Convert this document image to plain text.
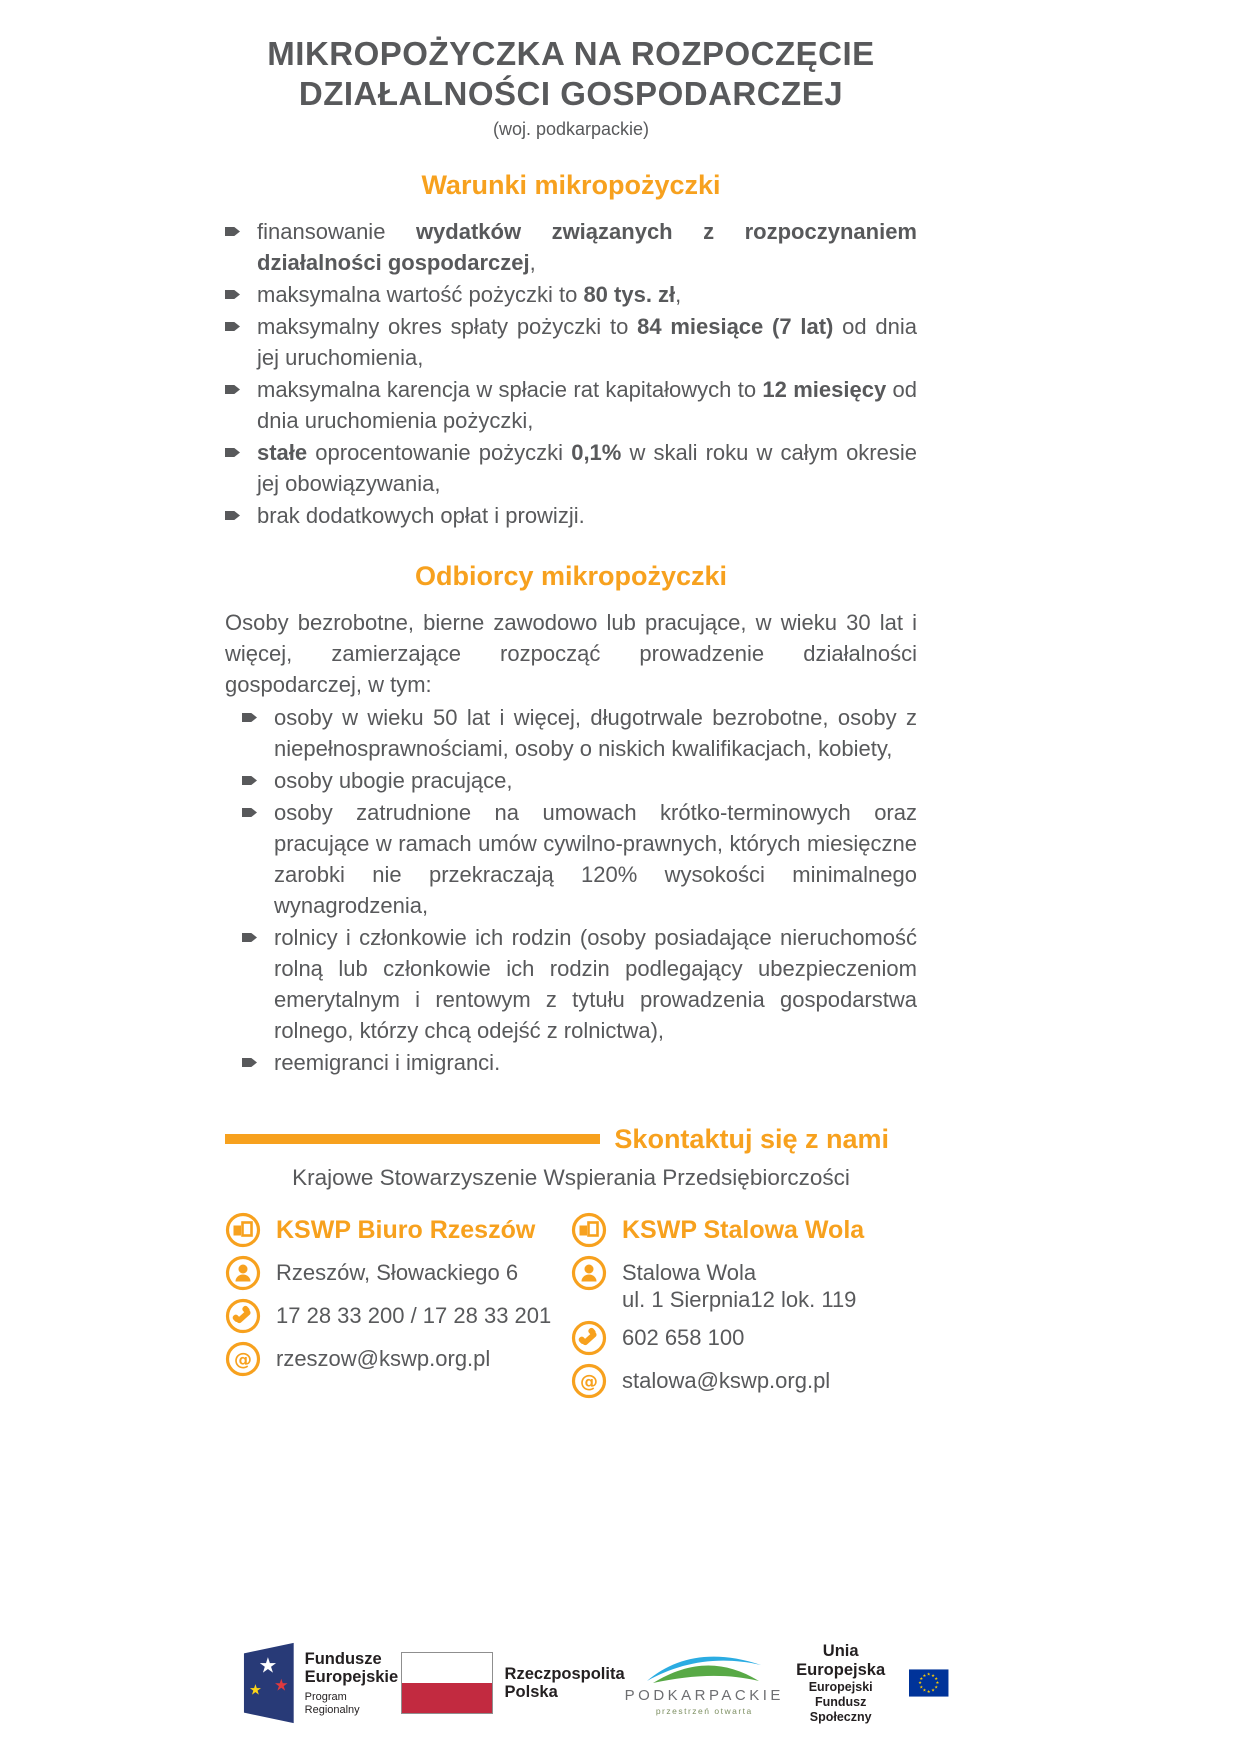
MIKROPOŻYCZKA NA ROZPOCZĘCIE
DZIAŁALNOŚCI GOSPODARCZEJ

(woj. podkarpackie)

Warunki mikropożyczki

finansowanie wydatków związanych z rozpoczynaniem działalności gospodarczej,

maksymalna wartość pożyczki to 80 tys. zł,

maksymalny okres spłaty pożyczki to 84 miesiące (7 lat) od dnia jej uruchomienia,

maksymalna karencja w spłacie rat kapitałowych to 12 miesięcy od dnia uruchomienia pożyczki,

stałe oprocentowanie pożyczki 0,1% w skali roku w całym okresie jej obowiązywania,

brak dodatkowych opłat i prowizji.

Odbiorcy mikropożyczki

Osoby bezrobotne, bierne zawodowo lub pracujące, w wieku 30 lat i więcej, zamierzające rozpocząć prowadzenie działalności gospodarczej, w tym:

osoby w wieku 50 lat i więcej, długotrwale bezrobotne, osoby z niepełnosprawnościami, osoby o niskich kwalifikacjach, kobiety,

osoby ubogie pracujące,

osoby zatrudnione na umowach krótko-terminowych oraz pracujące w ramach umów cywilno-prawnych, których miesięczne zarobki nie przekraczają 120% wysokości minimalnego wynagrodzenia,

rolnicy i członkowie ich rodzin (osoby posiadające nieruchomość rolną lub członkowie ich rodzin podlegający ubezpieczeniom emerytalnym i rentowym z tytułu prowadzenia gospodarstwa rolnego, którzy chcą odejść z rolnictwa),

reemigranci i imigranci.

Skontaktuj się z nami

Krajowe Stowarzyszenie Wspierania Przedsiębiorczości

KSWP Biuro Rzeszów
Rzeszów, Słowackiego 6
17 28 33 200 / 17 28 33 201
@ rzeszow@kswp.org.pl
KSWP Stalowa Wola
Stalowa Wola
ul. 1 Sierpnia12 lok. 119
602 658 100
@ stalowa@kswp.org.pl
★
★ ★
Fundusze
Europejskie
Program Regionalny
Rzeczpospolita
Polska	PODKARPACKIE
przestrzeń otwarta
Unia Europejska
Europejski Fundusz Społeczny
★ ★
★
★
★
★
★
★
★
★
★
★
